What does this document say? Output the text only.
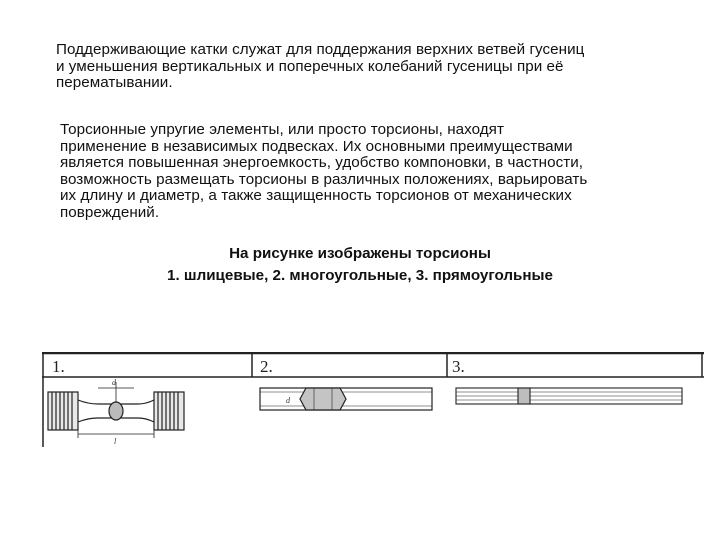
Поддерживающие катки служат для поддержания верхних ветвей гусениц
и уменьшения вертикальных и поперечных колебаний гусеницы при её
перематывании.

Торсионные упругие элементы, или просто торсионы, находят
применение в независимых подвесках. Их основными преимуществами
является повышенная энергоемкость, удобство компоновки, в частности,
возможность размещать торсионы в различных положениях, варьировать
их длину и диаметр, а также защищенность торсионов от механических
повреждений.

На рисунке изображены торсионы
1. шлицевые, 2. многоугольные, 3. прямоугольные
1.	2.	3.
d
l
d
